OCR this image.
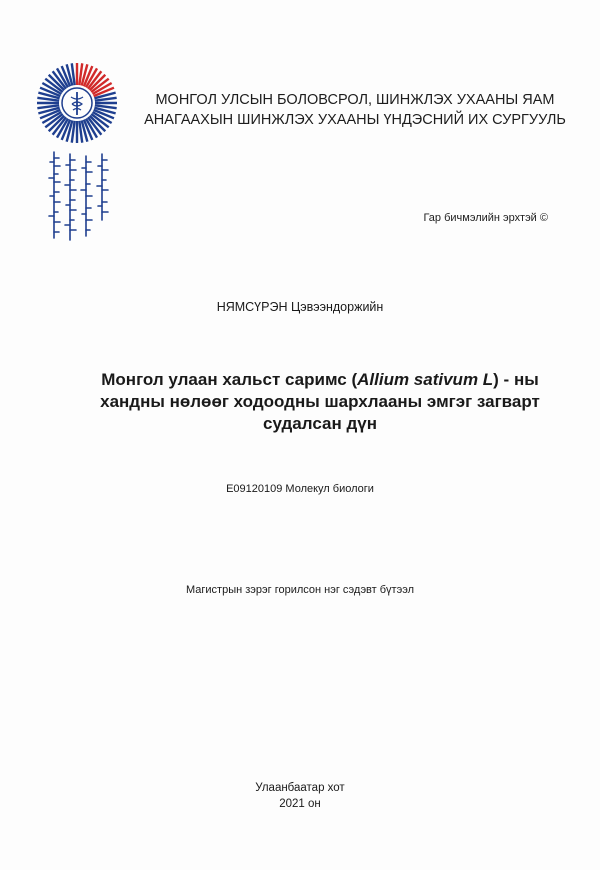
МОНГОЛ УЛСЫН БОЛОВСРОЛ, ШИНЖЛЭХ УХААНЫ ЯАМ
АНАГААХЫН ШИНЖЛЭХ УХААНЫ ҮНДЭСНИЙ ИХ СУРГУУЛЬ
Гар бичмэлийн эрхтэй ©
НЯМСҮРЭН Цэвээндоржийн
Монгол улаан хальст саримс (Allium sativum L) - ны
хандны нөлөөг ходоодны шархлааны эмгэг загварт
судалсан дүн
E09120109 Молекул биологи
Магистрын зэрэг горилсон нэг сэдэвт бүтээл
Улаанбаатар хот
2021 он
